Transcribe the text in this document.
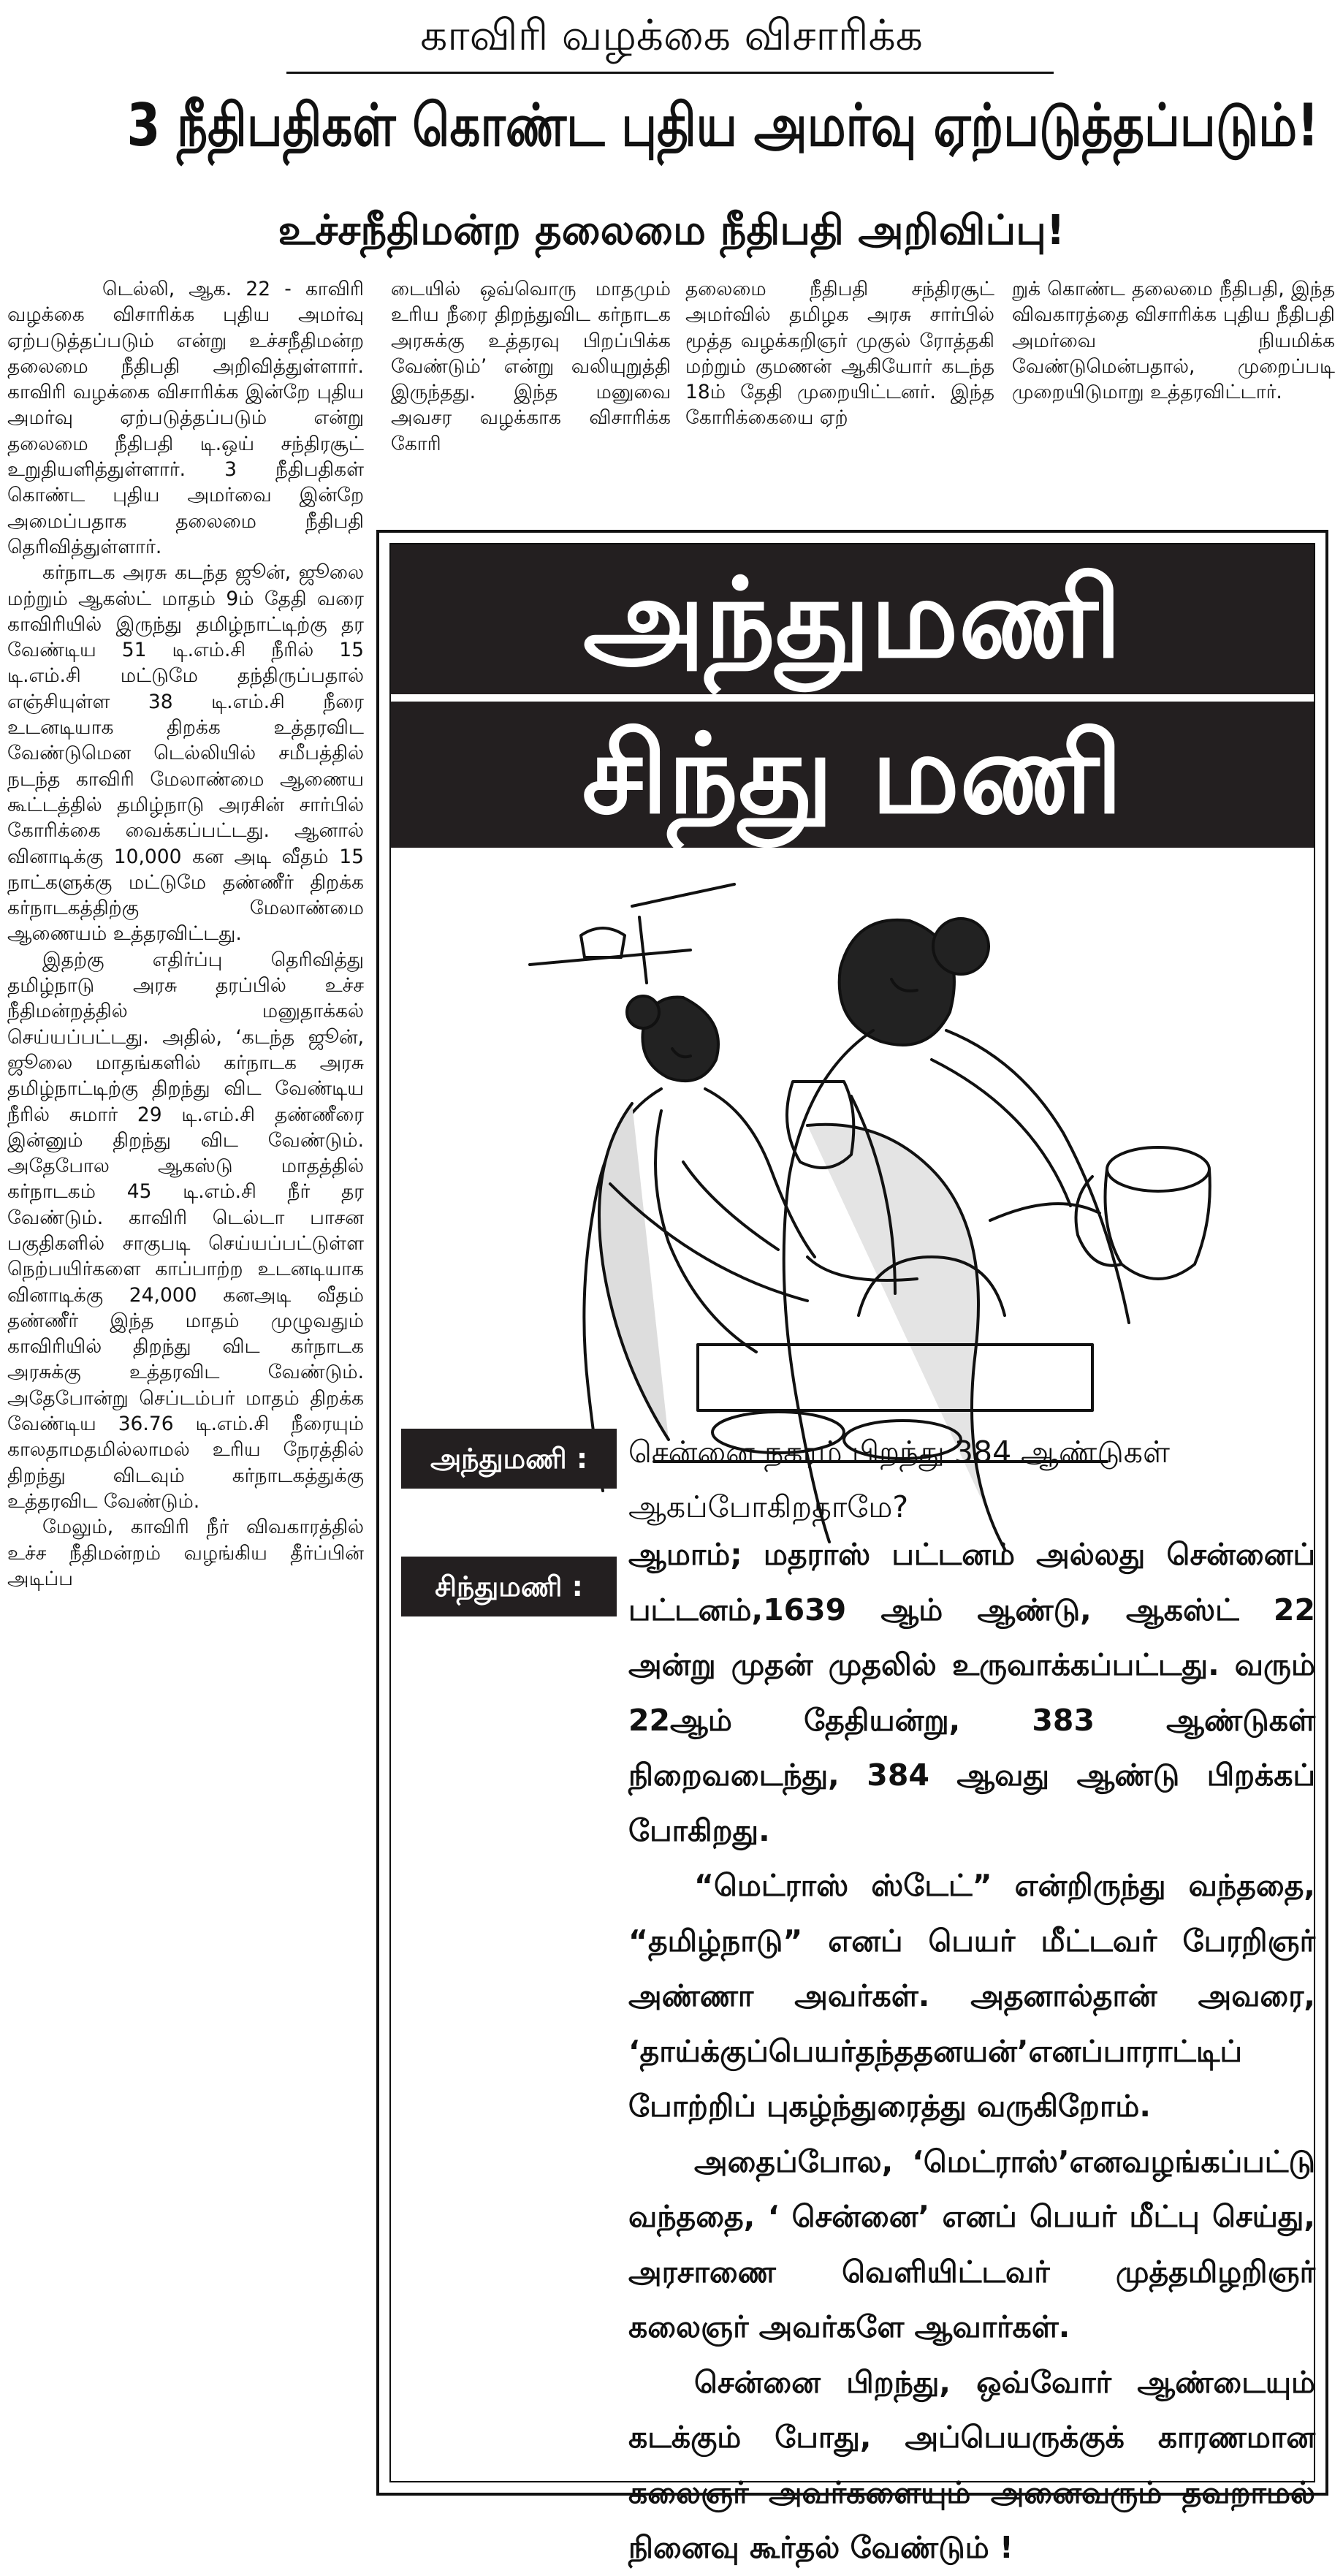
காவிரி வழக்கை விசாரிக்க
3 நீதிபதிகள் கொண்ட புதிய அமர்வு ஏற்படுத்தப்படும்!
உச்சநீதிமன்ற தலைமை நீதிபதி அறிவிப்பு!

டெல்லி, ஆக. 22 - காவிரி வழக்கை விசாரிக்க புதிய அமர்வு ஏற்படுத்தப்படும் என்று உச்சநீதிமன்ற தலைமை நீதிபதி அறிவித்துள்ளார். காவிரி வழக்கை விசாரிக்க இன்றே புதிய அமர்வு ஏற்படுத்தப்படும் என்று தலைமை நீதிபதி டி.ஒய் சந்திரசூட் உறுதியளித்துள்ளார். 3 நீதிபதிகள் கொண்ட புதிய அமர்வை இன்றே அமைப்பதாக தலைமை நீதிபதி தெரிவித்துள்ளார்.

கர்நாடக அரசு கடந்த ஜூன், ஜூலை மற்றும் ஆகஸ்ட் மாதம் 9ம் தேதி வரை காவிரியில் இருந்து தமிழ்நாட்டிற்கு தர வேண்டிய 51 டி.எம்.சி நீரில் 15 டி.எம்.சி மட்டுமே தந்திருப்பதால் எஞ்சியுள்ள 38 டி.எம்.சி நீரை உடனடியாக திறக்க உத்தரவிட வேண்டுமென டெல்லியில் சமீபத்தில் நடந்த காவிரி மேலாண்மை ஆணைய கூட்டத்தில் தமிழ்நாடு அரசின் சார்பில் கோரிக்கை வைக்கப்பட்டது. ஆனால் வினாடிக்கு 10,000 கன அடி வீதம் 15 நாட்களுக்கு மட்டுமே தண்ணீர் திறக்க கர்நாடகத்திற்கு மேலாண்மை ஆணையம் உத்தரவிட்டது.

இதற்கு எதிர்ப்பு தெரிவித்து தமிழ்நாடு அரசு தரப்பில் உச்ச நீதிமன்றத்தில் மனுதாக்கல் செய்யப்பட்டது. அதில், ‘கடந்த ஜூன், ஜூலை மாதங்களில் கர்நாடக அரசு தமிழ்நாட்டிற்கு திறந்து விட வேண்டிய நீரில் சுமார் 29 டி.எம்.சி தண்ணீரை இன்னும் திறந்து விட வேண்டும். அதேபோல ஆகஸ்டு மாதத்தில் கர்நாடகம் 45 டி.எம்.சி நீர் தர வேண்டும். காவிரி டெல்டா பாசன பகுதிகளில் சாகுபடி செய்யப்பட்டுள்ள நெற்பயிர்களை காப்பாற்ற உடனடியாக வினாடிக்கு 24,000 கனஅடி வீதம் தண்ணீர் இந்த மாதம் முழுவதும் காவிரியில் திறந்து விட கர்நாடக அரசுக்கு உத்தரவிட வேண்டும். அதேபோன்று செப்டம்பர் மாதம் திறக்க வேண்டிய 36.76 டி.எம்.சி நீரையும் காலதாமதமில்லாமல் உரிய நேரத்தில் திறந்து விடவும் கர்நாடகத்துக்கு உத்தரவிட வேண்டும்.

மேலும், காவிரி நீர் விவகாரத்தில் உச்ச நீதிமன்றம் வழங்கிய தீர்ப்பின் அடிப்ப

டையில் ஒவ்வொரு மாதமும் உரிய நீரை திறந்துவிட கர்நாடக அரசுக்கு உத்தரவு பிறப்பிக்க வேண்டும்’ என்று வலியுறுத்தி இருந்தது. இந்த மனுவை அவசர வழக்காக விசாரிக்க கோரி

தலைமை நீதிபதி சந்திரசூட் அமர்வில் தமிழக அரசு சார்பில் மூத்த வழக்கறிஞர் முகுல் ரோத்தகி மற்றும் குமணன் ஆகியோர் கடந்த 18ம் தேதி முறையிட்டனர். இந்த கோரிக்கையை ஏற்

றுக் கொண்ட தலைமை நீதிபதி, இந்த விவகாரத்தை விசாரிக்க புதிய நீதிபதி அமர்வை நியமிக்க வேண்டுமென்பதால், முறைப்படி முறையிடுமாறு உத்தரவிட்டார்.

அந்துமணி
சிந்து மணி
அந்துமணி :
சிந்துமணி :
சென்னை நகரம் பிறந்து 384 ஆண்டுகள் ஆகப்போகிறதாமே?

ஆமாம்; மதராஸ் பட்டனம் அல்லது சென்னைப் பட்டனம்,1639 ஆம் ஆண்டு, ஆகஸ்ட் 22 அன்று முதன் முதலில் உருவாக்கப்பட்டது. வரும் 22ஆம் தேதியன்று, 383 ஆண்டுகள் நிறைவடைந்து, 384 ஆவது ஆண்டு பிறக்கப் போகிறது.

“மெட்ராஸ் ஸ்டேட்” என்றிருந்து வந்ததை, “தமிழ்நாடு” எனப் பெயர் மீட்டவர் பேரறிஞர் அண்ணா அவர்கள். அதனால்தான் அவரை, ‘தாய்க்குப்பெயர்தந்ததனயன்’எனப்பாராட்டிப் போற்றிப் புகழ்ந்துரைத்து வருகிறோம்.

அதைப்போல, ‘மெட்ராஸ்’எனவழங்கப்பட்டு வந்ததை, ‘ சென்னை’ எனப் பெயர் மீட்பு செய்து, அரசாணை வெளியிட்டவர் முத்தமிழறிஞர் கலைஞர் அவர்களே ஆவார்கள்.

சென்னை பிறந்து, ஒவ்வோர் ஆண்டையும் கடக்கும் போது, அப்பெயருக்குக் காரணமான கலைஞர் அவர்களையும் அனைவரும் தவறாமல் நினைவு கூர்தல் வேண்டும் !
